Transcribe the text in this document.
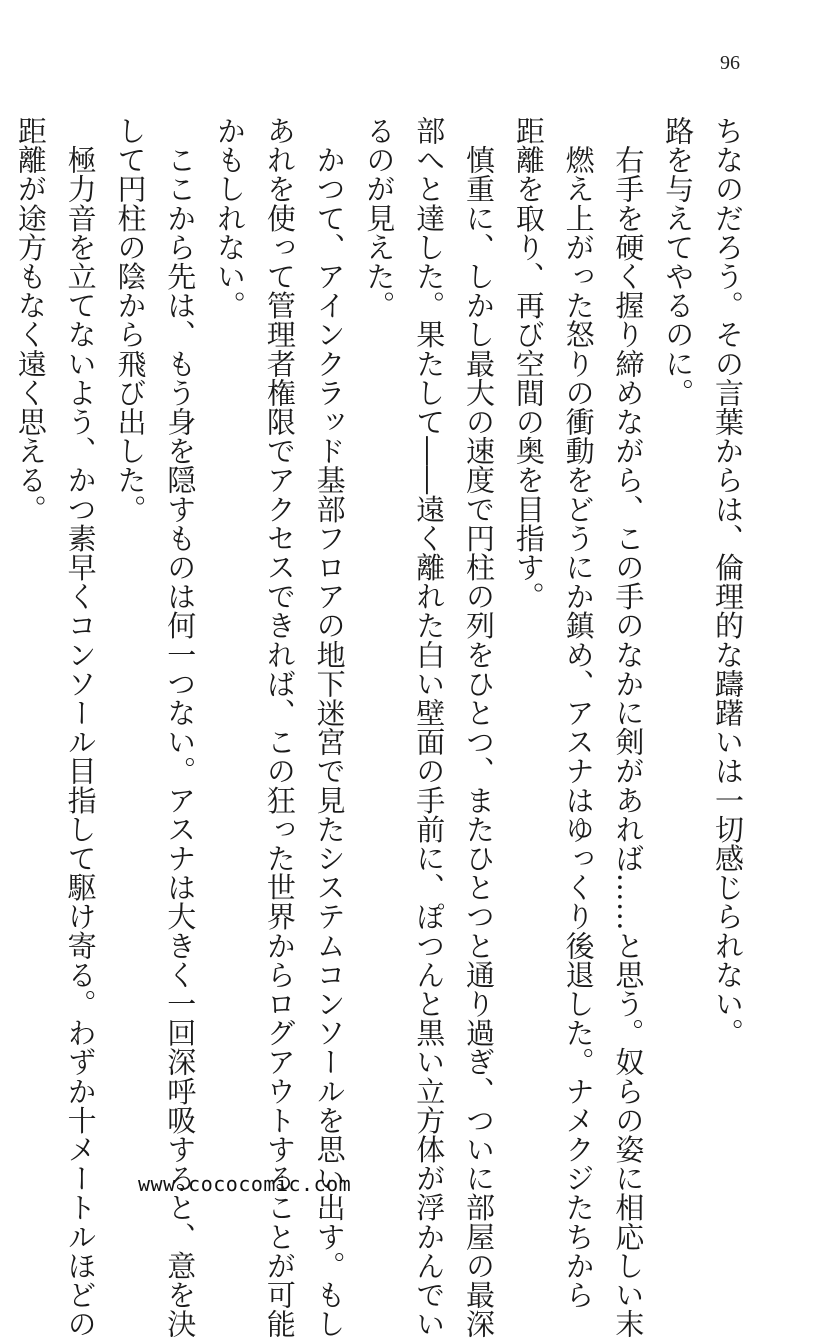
96

ちなのだろう。その言葉からは、倫理的な躊躇いは一切感じられない。

路を与えてやるのに。

　右手を硬く握り締めながら、この手のなかに剣があれば……と思う。奴らの姿に相応しい末

　燃え上がった怒りの衝動をどうにか鎮め、アスナはゆっくり後退した。ナメクジたちから

距離を取り、再び空間の奥を目指す。

　慎重に、しかし最大の速度で円柱の列をひとつ、またひとつと通り過ぎ、ついに部屋の最深

部へと達した。果たして――遠く離れた白い壁面の手前に、ぽつんと黒い立方体が浮かんでい

るのが見えた。

　かつて、アインクラッド基部フロアの地下迷宮で見たシステムコンソールを思い出す。もし

あれを使って管理者権限でアクセスできれば、この狂った世界からログアウトすることが可能

かもしれない。

　ここから先は、もう身を隠すものは何一つない。アスナは大きく一回深呼吸すると、意を決

して円柱の陰から飛び出した。

　極力音を立てないよう、かつ素早くコンソール目指して駆け寄る。わずか十メートルほどの

距離が途方もなく遠く思える。

www.cococomic.com
